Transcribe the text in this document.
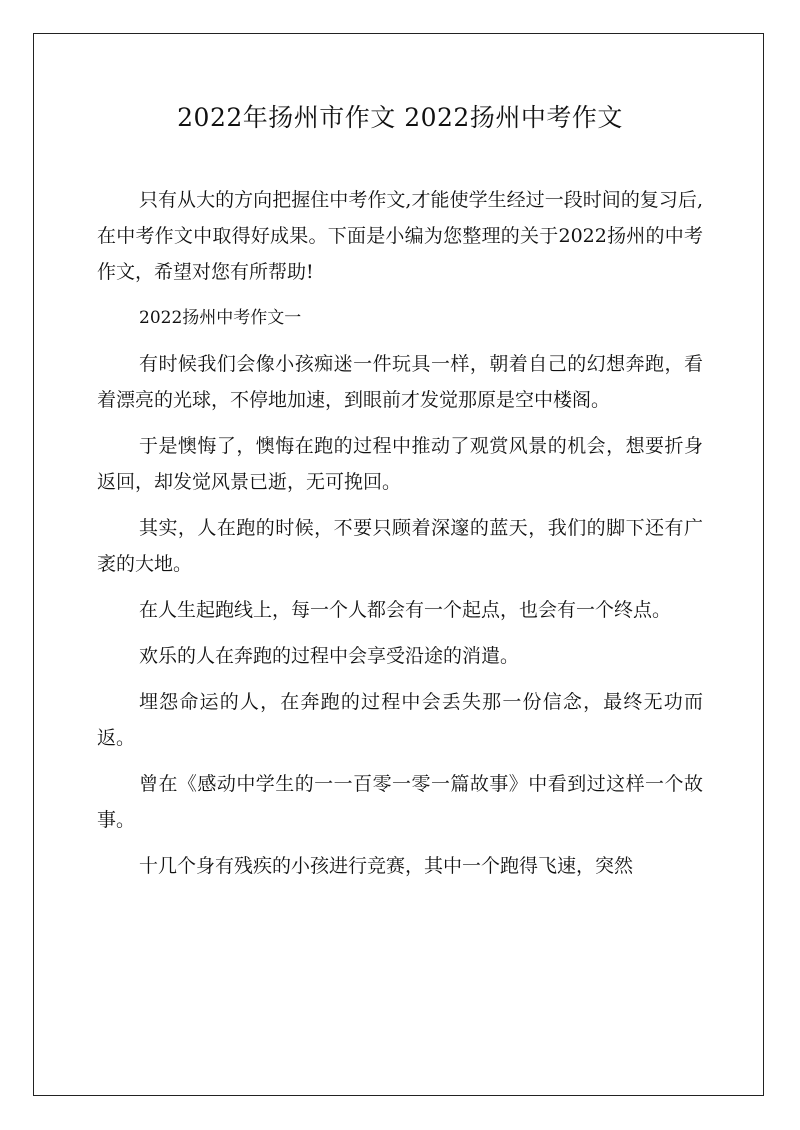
2022年扬州市作文 2022扬州中考作文

只有从大的方向把握住中考作文,才能使学生经过一段时间的复习后,在中考作文中取得好成果。下面是小编为您整理的关于2022扬州的中考作文，希望对您有所帮助!

2022扬州中考作文一

有时候我们会像小孩痴迷一件玩具一样，朝着自己的幻想奔跑，看着漂亮的光球，不停地加速，到眼前才发觉那原是空中楼阁。

于是懊悔了，懊悔在跑的过程中推动了观赏风景的机会，想要折身返回，却发觉风景已逝，无可挽回。

其实，人在跑的时候，不要只顾着深邃的蓝天，我们的脚下还有广袤的大地。

在人生起跑线上，每一个人都会有一个起点，也会有一个终点。

欢乐的人在奔跑的过程中会享受沿途的消遣。

埋怨命运的人，在奔跑的过程中会丢失那一份信念，最终无功而返。

曾在《感动中学生的一一百零一零一篇故事》中看到过这样一个故事。

十几个身有残疾的小孩进行竞赛，其中一个跑得飞速，突然
